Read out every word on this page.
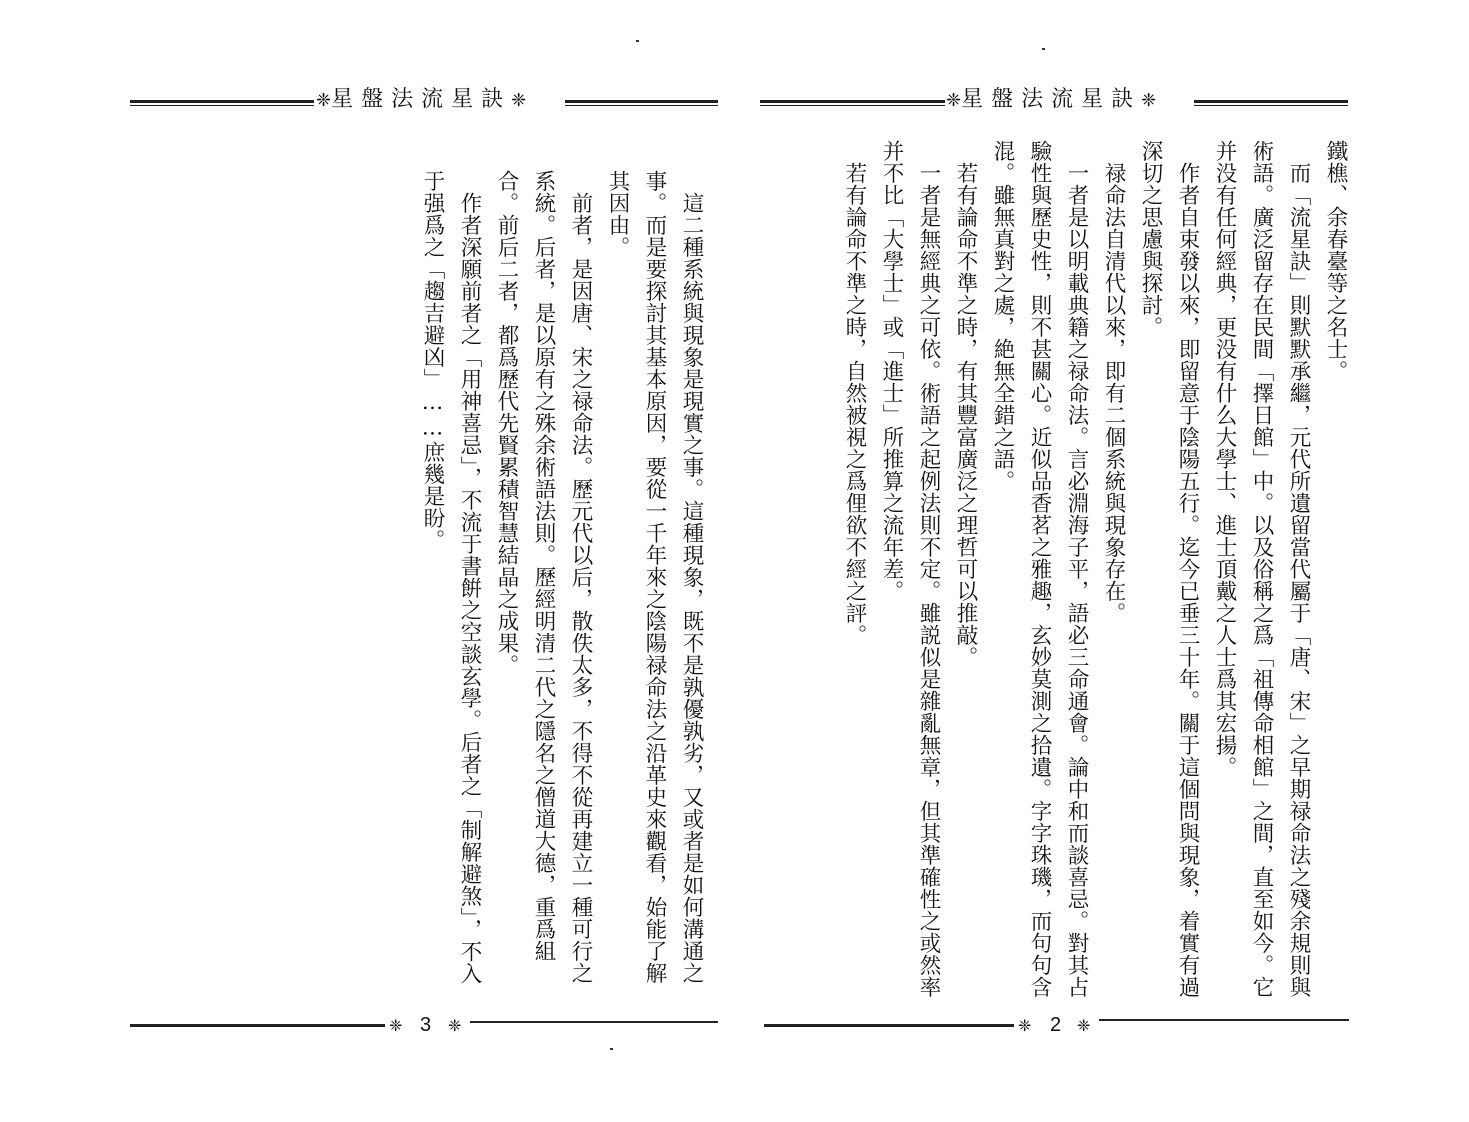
❈星盤法流星訣❈

這二種系統與現象是現實之事。這種現象，既不是孰優孰劣，又或者是如何溝通之事。而是要探討其基本原因，要從一千年來之陰陽禄命法之沿革史來觀看，始能了解其因由。

前者，是因唐、宋之禄命法。歷元代以后，散佚太多，不得不從再建立一種可行之系統。后者，是以原有之殊余術語法則。歷經明清二代之隱名之僧道大德，重爲組合。前后二者，都爲歷代先賢累積智慧結晶之成果。

作者深願前者之「用神喜忌」，不流于書餠之空談玄學。后者之「制解避煞」，不入于强爲之「趨吉避凶」……庶幾是盼。

❈ 3 ❈
❈星盤法流星訣❈

鐵樵、余春臺等之名士。

而「流星訣」則默默承繼，元代所遺留當代屬于「唐、宋」之早期禄命法之殘余規則與術語。廣泛留存在民間「擇日館」中。以及俗稱之爲「祖傳命相館」之間，直至如今。它并没有任何經典，更没有什么大學士、進士頂戴之人士爲其宏揚。

作者自束發以來，即留意于陰陽五行。迄今已垂三十年。關于這個問與現象，着實有過深切之思慮與探討。

禄命法自清代以來，即有二個系統與現象存在。

一者是以明載典籍之禄命法。言必淵海子平，語必三命通會。論中和而談喜忌。對其占驗性與歷史性，則不甚關心。近似品香茗之雅趣，玄妙莫測之拾遺。字字珠璣，而句句含混。雖無真對之處，絶無全錯之語。

若有論命不準之時，有其豐富廣泛之理哲可以推敲。

一者是無經典之可依。術語之起例法則不定。雖説似是雜亂無章，但其準確性之或然率并不比「大學士」或「進士」所推算之流年差。

若有論命不準之時，自然被視之爲俚欲不經之評。

❈ 2 ❈
